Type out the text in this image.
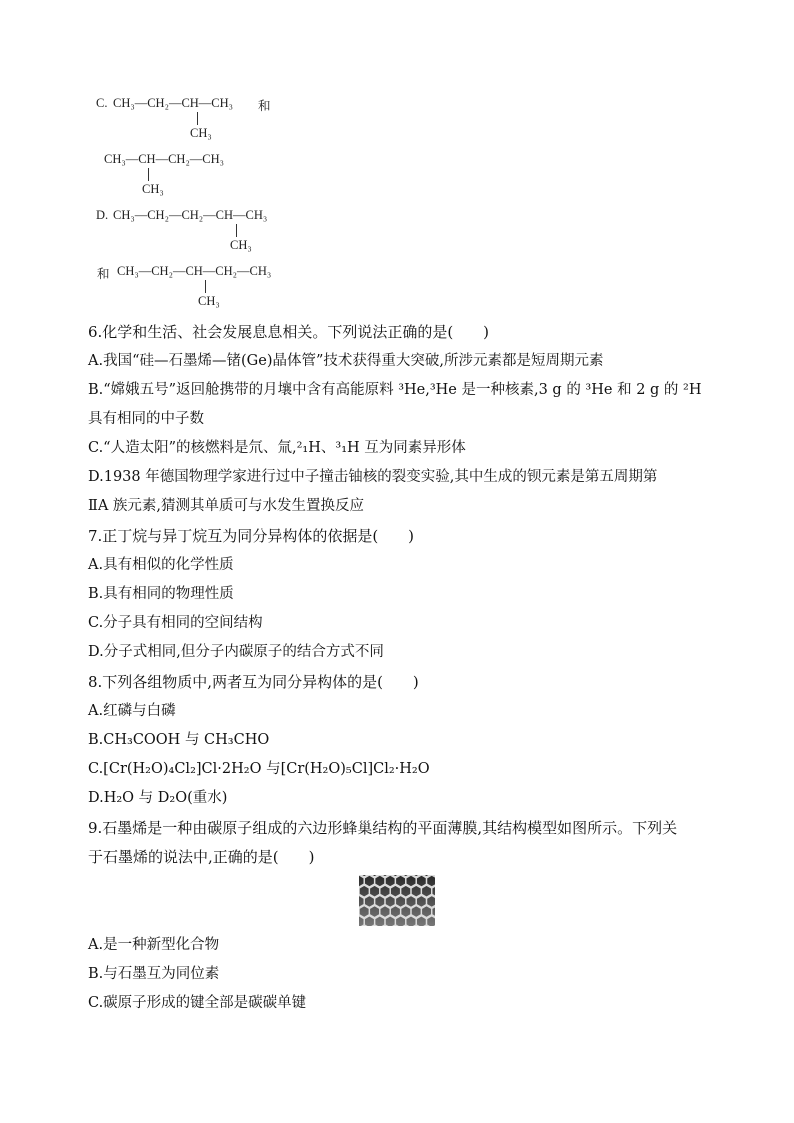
C. CH₃—CH₂—CH—CH₃ 和
CH₃
CH₃—CH—CH₂—CH₃
CH₃
D. CH₃—CH₂—CH₂—CH—CH₃
CH₃
和 CH₃—CH₂—CH—CH₂—CH₃
CH₃
6.化学和生活、社会发展息息相关。下列说法正确的是(　　)
A.我国“硅—石墨烯—锗(Ge)晶体管”技术获得重大突破,所涉元素都是短周期元素
B.“嫦娥五号”返回舱携带的月壤中含有高能原料 ³He,³He 是一种核素,3 g 的 ³He 和 2 g 的 ²H
具有相同的中子数
C.“人造太阳”的核燃料是氘、氚,²₁H、³₁H 互为同素异形体
D.1938 年德国物理学家进行过中子撞击铀核的裂变实验,其中生成的钡元素是第五周期第
ⅡA 族元素,猜测其单质可与水发生置换反应
7.正丁烷与异丁烷互为同分异构体的依据是(　　)
A.具有相似的化学性质
B.具有相同的物理性质
C.分子具有相同的空间结构
D.分子式相同,但分子内碳原子的结合方式不同
8.下列各组物质中,两者互为同分异构体的是(　　)
A.红磷与白磷
B.CH₃COOH 与 CH₃CHO
C.[Cr(H₂O)₄Cl₂]Cl·2H₂O 与[Cr(H₂O)₅Cl]Cl₂·H₂O
D.H₂O 与 D₂O(重水)
9.石墨烯是一种由碳原子组成的六边形蜂巢结构的平面薄膜,其结构模型如图所示。下列关
于石墨烯的说法中,正确的是(　　)
A.是一种新型化合物
B.与石墨互为同位素
C.碳原子形成的键全部是碳碳单键
